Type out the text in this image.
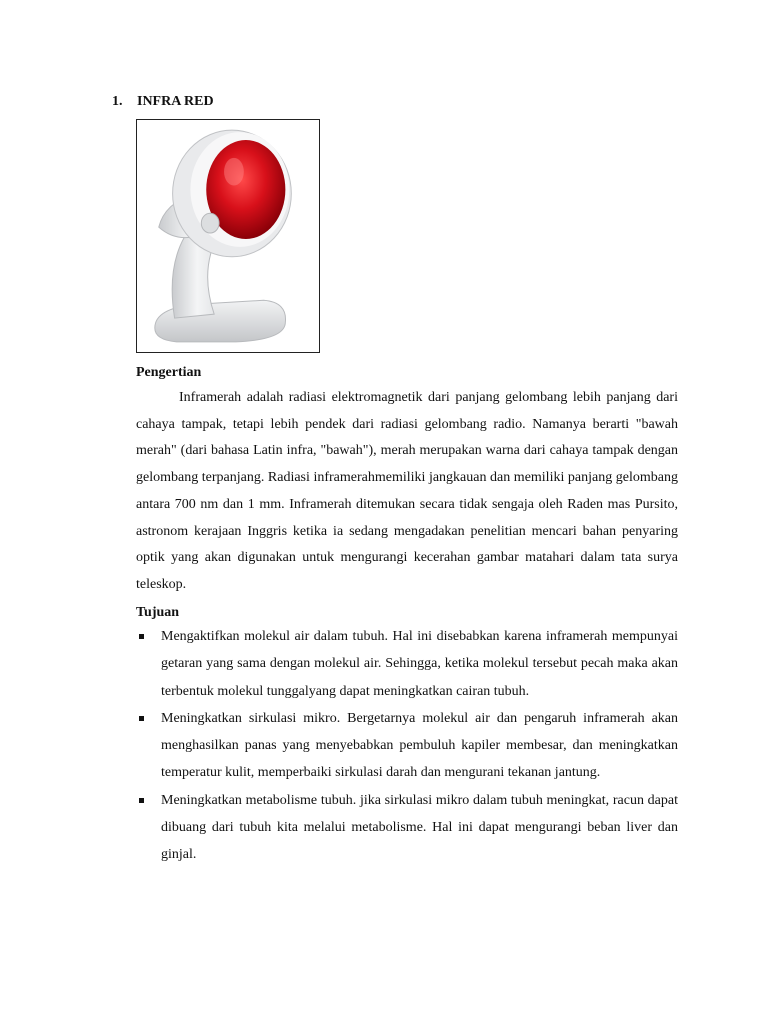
1. INFRA RED
Pengertian

Inframerah adalah radiasi elektromagnetik dari panjang gelombang lebih panjang dari cahaya tampak, tetapi lebih pendek dari radiasi gelombang radio. Namanya berarti "bawah merah" (dari bahasa Latin infra, "bawah"), merah merupakan warna dari cahaya tampak dengan gelombang terpanjang. Radiasi inframerahmemiliki jangkauan dan memiliki panjang gelombang antara 700 nm dan 1 mm. Inframerah ditemukan secara tidak sengaja oleh Raden mas Pursito, astronom kerajaan Inggris ketika ia sedang mengadakan penelitian mencari bahan penyaring optik yang akan digunakan untuk mengurangi kecerahan gambar matahari dalam tata surya teleskop.

Tujuan
Mengaktifkan molekul air dalam tubuh. Hal ini disebabkan karena inframerah mempunyai getaran yang sama dengan molekul air. Sehingga, ketika molekul tersebut pecah maka akan terbentuk molekul tunggalyang dapat meningkatkan cairan tubuh.
Meningkatkan sirkulasi mikro. Bergetarnya molekul air dan pengaruh inframerah akan menghasilkan panas yang menyebabkan pembuluh kapiler membesar, dan meningkatkan temperatur kulit, memperbaiki sirkulasi darah dan mengurani tekanan jantung.
Meningkatkan metabolisme tubuh. jika sirkulasi mikro dalam tubuh meningkat, racun dapat dibuang dari tubuh kita melalui metabolisme. Hal ini dapat mengurangi beban liver dan ginjal.
